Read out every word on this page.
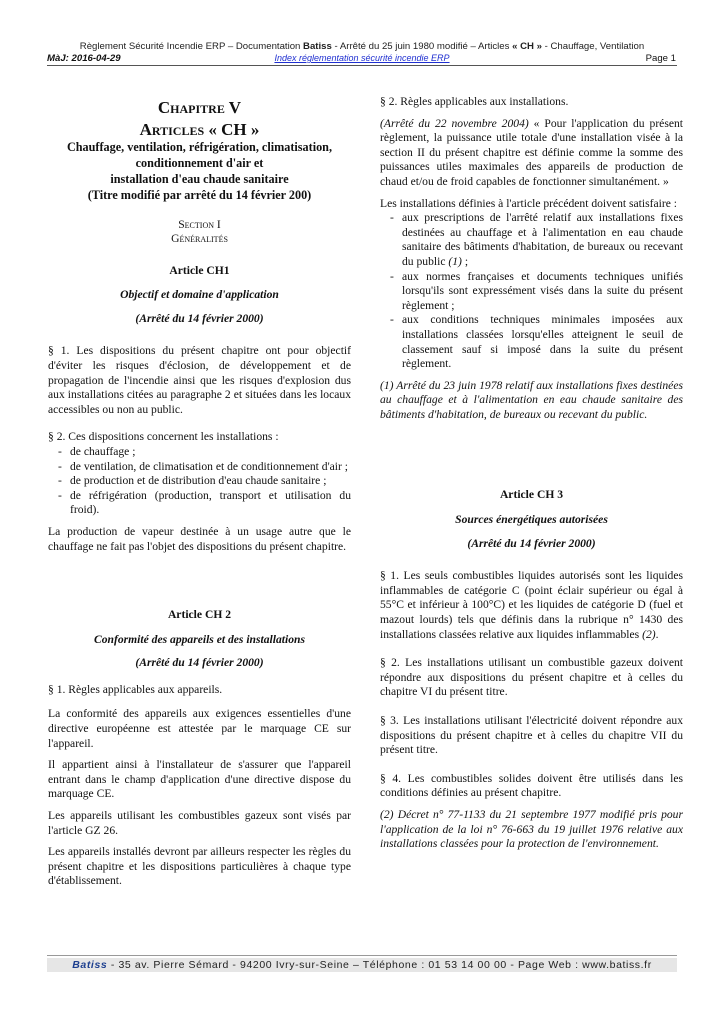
Règlement Sécurité Incendie ERP – Documentation Batiss - Arrêté du 25 juin 1980 modifié – Articles « CH » - Chauffage, Ventilation
MàJ: 2016-04-29	Index réglementation sécurité incendie ERP	Page 1
Chapitre V
Articles « CH »
Chauffage, ventilation, réfrigération, climatisation,
conditionnement d'air et
installation d'eau chaude sanitaire
(Titre modifié par arrêté du 14 février 200)
Section I
Généralités
Article CH1
Objectif et domaine d'application
(Arrêté du 14 février 2000)

§ 1. Les dispositions du présent chapitre ont pour objectif d'éviter les risques d'éclosion, de développement et de propagation de l'incendie ainsi que les risques d'explosion dus aux installations citées au paragraphe 2 et situées dans les locaux accessibles ou non au public.

§ 2. Ces dispositions concernent les installations :

- de chauffage ;
- de ventilation, de climatisation et de conditionnement d'air ;
- de production et de distribution d'eau chaude sanitaire ;
- de réfrigération (production, transport et utilisation du froid).

La production de vapeur destinée à un usage autre que le chauffage ne fait pas l'objet des dispositions du présent chapitre.

Article CH 2
Conformité des appareils et des installations
(Arrêté du 14 février 2000)

§ 1. Règles applicables aux appareils.

La conformité des appareils aux exigences essentielles d'une directive européenne est attestée par le marquage CE sur l'appareil.

Il appartient ainsi à l'installateur de s'assurer que l'appareil entrant dans le champ d'application d'une directive dispose du marquage CE.

Les appareils utilisant les combustibles gazeux sont visés par l'article GZ 26.

Les appareils installés devront par ailleurs respecter les règles du présent chapitre et les dispositions particulières à chaque type d'établissement.

§ 2. Règles applicables aux installations.

(Arrêté du 22 novembre 2004) « Pour l'application du présent règlement, la puissance utile totale d'une installation visée à la section II du présent chapitre est définie comme la somme des puissances utiles maximales des appareils de production de chaud et/ou de froid capables de fonctionner simultanément. »

Les installations définies à l'article précédent doivent satisfaire :

- aux prescriptions de l'arrêté relatif aux installations fixes destinées au chauffage et à l'alimentation en eau chaude sanitaire des bâtiments d'habitation, de bureaux ou recevant du public (1) ;
- aux normes françaises et documents techniques unifiés lorsqu'ils sont expressément visés dans la suite du présent règlement ;
- aux conditions techniques minimales imposées aux installations classées lorsqu'elles atteignent le seuil de classement sauf si imposé dans la suite du présent règlement.

(1) Arrêté du 23 juin 1978 relatif aux installations fixes destinées au chauffage et à l'alimentation en eau chaude sanitaire des bâtiments d'habitation, de bureaux ou recevant du public.

Article CH 3
Sources énergétiques autorisées
(Arrêté du 14 février 2000)

§ 1. Les seuls combustibles liquides autorisés sont les liquides inflammables de catégorie C (point éclair supérieur ou égal à 55°C et inférieur à 100°C) et les liquides de catégorie D (fuel et mazout lourds) tels que définis dans la rubrique n° 1430 des installations classées relative aux liquides inflammables (2).

§ 2. Les installations utilisant un combustible gazeux doivent répondre aux dispositions du présent chapitre et à celles du chapitre VI du présent titre.

§ 3. Les installations utilisant l'électricité doivent répondre aux dispositions du présent chapitre et à celles du chapitre VII du présent titre.

§ 4. Les combustibles solides doivent être utilisés dans les conditions définies au présent chapitre.

(2) Décret n° 77-1133 du 21 septembre 1977 modifié pris pour l'application de la loi n° 76-663 du 19 juillet 1976 relative aux installations classées pour la protection de l'environnement.

Batiss - 35 av. Pierre Sémard - 94200 Ivry-sur-Seine – Téléphone : 01 53 14 00 00 - Page Web : www.batiss.fr
